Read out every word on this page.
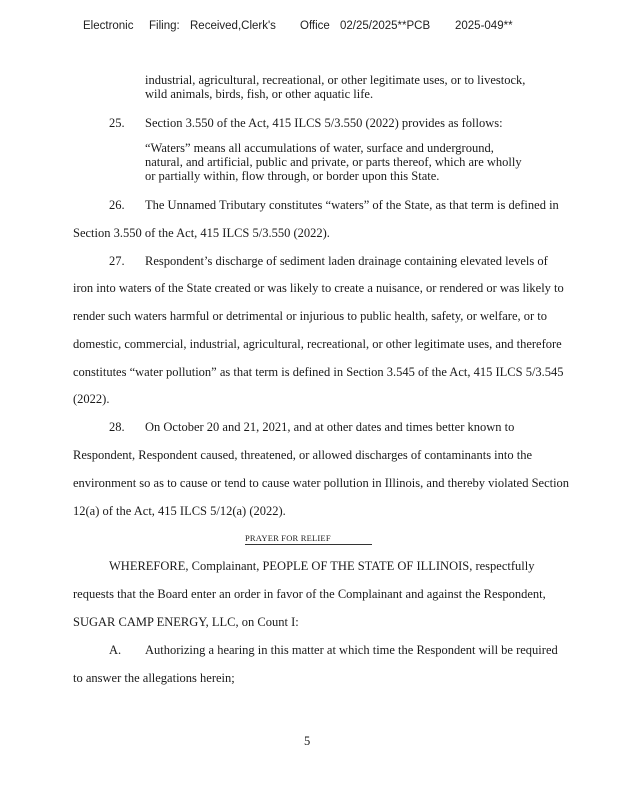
Electronic Filing: Received,Clerk's Office 02/25/2025**PCB 2025-049**
industrial, agricultural, recreational, or other legitimate uses, or to livestock,
wild animals, birds, fish, or other aquatic life.
25. Section 3.550 of the Act, 415 ILCS 5/3.550 (2022) provides as follows:
“Waters” means all accumulations of water, surface and underground,
natural, and artificial, public and private, or parts thereof, which are wholly
or partially within, flow through, or border upon this State.
26. The Unnamed Tributary constitutes “waters” of the State, as that term is defined in
Section 3.550 of the Act, 415 ILCS 5/3.550 (2022).
27. Respondent’s discharge of sediment laden drainage containing elevated levels of
iron into waters of the State created or was likely to create a nuisance, or rendered or was likely to
render such waters harmful or detrimental or injurious to public health, safety, or welfare, or to
domestic, commercial, industrial, agricultural, recreational, or other legitimate uses, and therefore
constitutes “water pollution” as that term is defined in Section 3.545 of the Act, 415 ILCS 5/3.545
(2022).
28. On October 20 and 21, 2021, and at other dates and times better known to
Respondent, Respondent caused, threatened, or allowed discharges of contaminants into the
environment so as to cause or tend to cause water pollution in Illinois, and thereby violated Section
12(a) of the Act, 415 ILCS 5/12(a) (2022).
PRAYER FOR RELIEF
WHEREFORE, Complainant, PEOPLE OF THE STATE OF ILLINOIS, respectfully
requests that the Board enter an order in favor of the Complainant and against the Respondent,
SUGAR CAMP ENERGY, LLC, on Count I:
A. Authorizing a hearing in this matter at which time the Respondent will be required
to answer the allegations herein;
5
